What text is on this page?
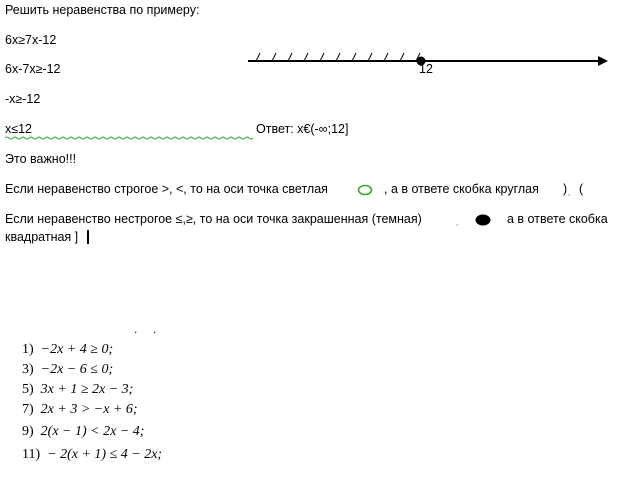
Решить неравенства по примеру:
6x≥7x-12
6x-7x≥-12
-x≥-12
x≤12	Ответ: x€(-∞;12]
12
Это важно!!!
Если неравенство строгое >, <, то на оси точка светлая	, а в ответе скобка круглая ) , (
Если неравенство нестрогое ≤,≥, то на оси точка закрашенная (темная)	,	а в ответе скобка
квадратная ]
. .
1) −2x + 4 ≥ 0;
3) −2x − 6 ≤ 0;
5) 3x + 1 ≥ 2x − 3;
7) 2x + 3 > −x + 6;
9) 2(x − 1) < 2x − 4;
11) − 2(x + 1) ≤ 4 − 2x;
